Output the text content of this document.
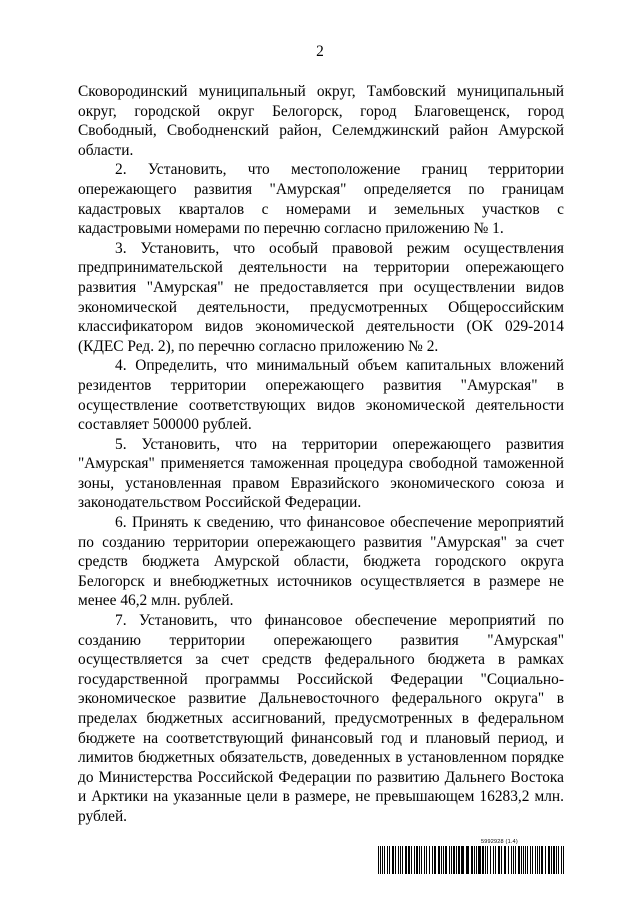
2

Сковородинский муниципальный округ, Тамбовский муниципальный округ, городской округ Белогорск, город Благовещенск, город Свободный, Свободненский район, Селемджинский район Амурской области.

2. Установить, что местоположение границ территории опережающего развития "Амурская" определяется по границам кадастровых кварталов с номерами и земельных участков с кадастровыми номерами по перечню согласно приложению № 1.

3. Установить, что особый правовой режим осуществления предпринимательской деятельности на территории опережающего развития "Амурская" не предоставляется при осуществлении видов экономической деятельности, предусмотренных Общероссийским классификатором видов экономической деятельности (ОК 029-2014 (КДЕС Ред. 2), по перечню согласно приложению № 2.

4. Определить, что минимальный объем капитальных вложений резидентов территории опережающего развития "Амурская" в осуществление соответствующих видов экономической деятельности составляет 500000 рублей.

5. Установить, что на территории опережающего развития "Амурская" применяется таможенная процедура свободной таможенной зоны, установленная правом Евразийского экономического союза и законодательством Российской Федерации.

6. Принять к сведению, что финансовое обеспечение мероприятий по созданию территории опережающего развития "Амурская" за счет средств бюджета Амурской области, бюджета городского округа Белогорск и внебюджетных источников осуществляется в размере не менее 46,2 млн. рублей.

7. Установить, что финансовое обеспечение мероприятий по созданию территории опережающего развития "Амурская" осуществляется за счет средств федерального бюджета в рамках государственной программы Российской Федерации "Социально-экономическое развитие Дальневосточного федерального округа" в пределах бюджетных ассигнований, предусмотренных в федеральном бюджете на соответствующий финансовый год и плановый период, и лимитов бюджетных обязательств, доведенных в установленном порядке до Министерства Российской Федерации по развитию Дальнего Востока и Арктики на указанные цели в размере, не превышающем 16283,2 млн. рублей.

5992928 (1.4)
